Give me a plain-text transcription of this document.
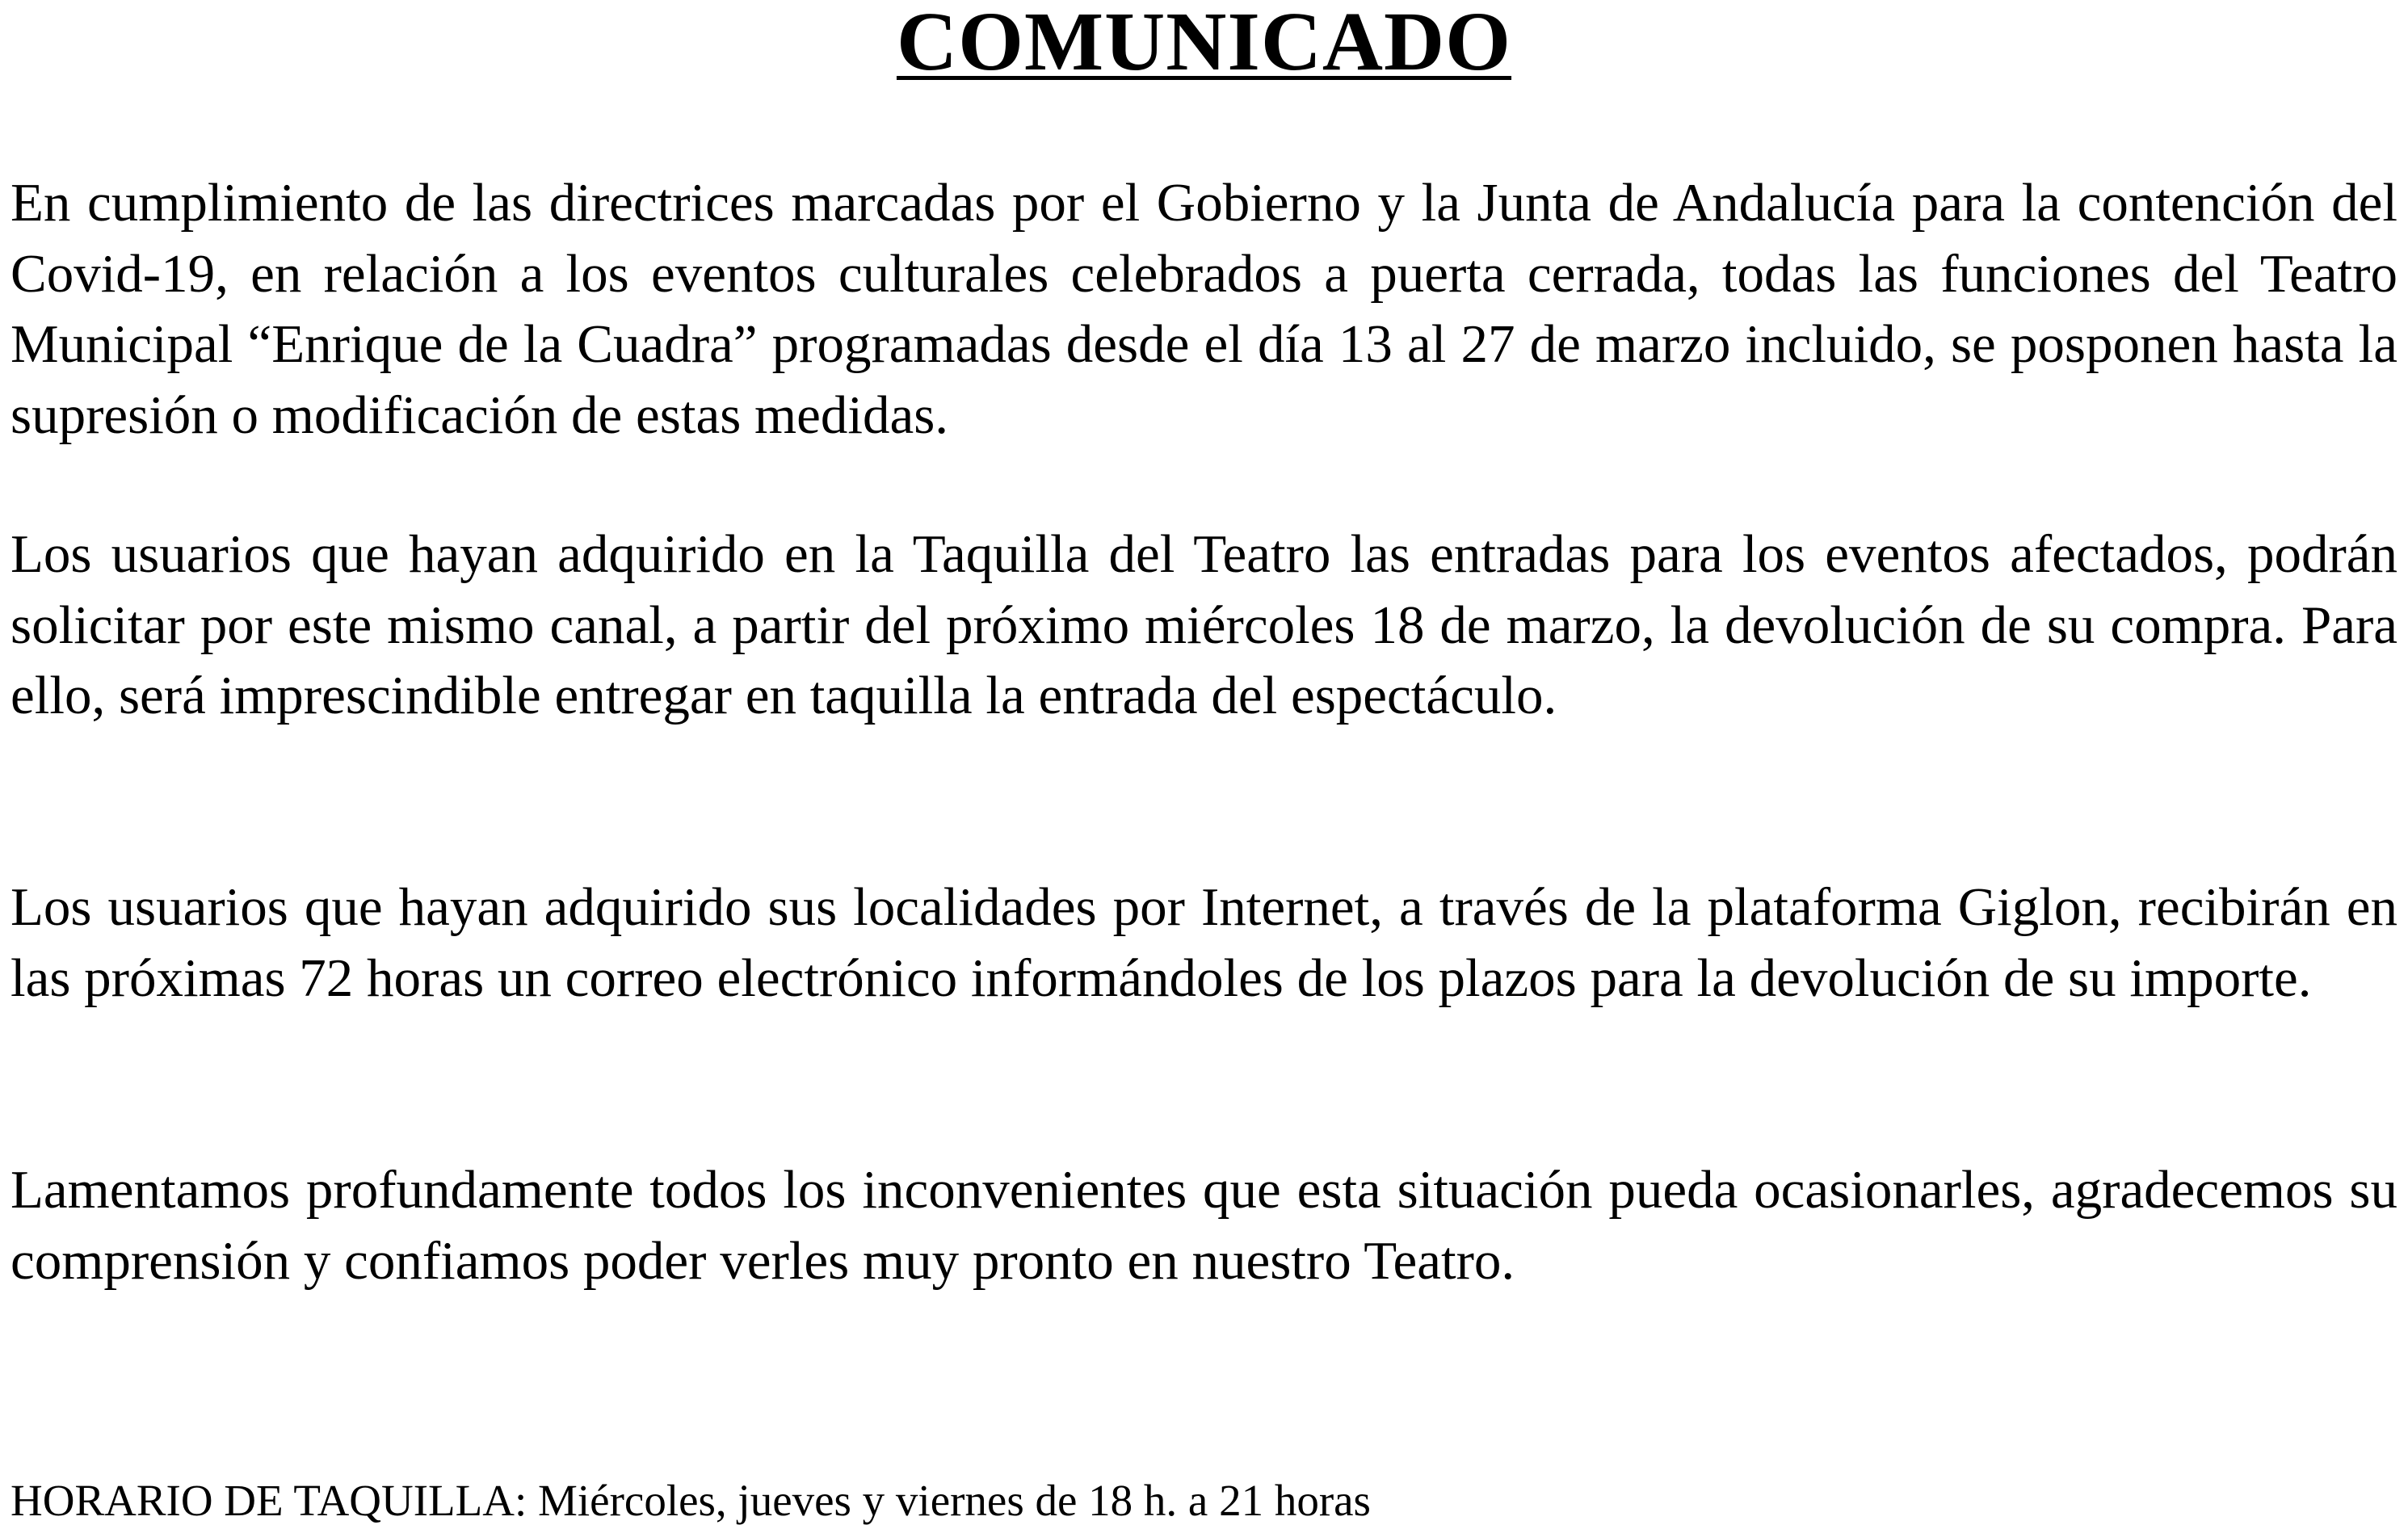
COMUNICADO

En cumplimiento de las directrices marcadas por el Gobierno y la Junta de Andalucía para la contención del Covid-19, en relación a los eventos culturales celebrados a puerta cerrada, todas las funciones del Teatro Municipal “Enrique de la Cuadra” programadas desde el día 13 al 27 de marzo incluido, se posponen hasta la supresión o modificación de estas medidas.

Los usuarios que hayan adquirido en la Taquilla del Teatro las entradas para los eventos afectados, podrán solicitar por este mismo canal, a partir del próximo miércoles 18 de marzo, la devolución de su compra. Para ello, será imprescindible entregar en taquilla la entrada del espectáculo.

Los usuarios que hayan adquirido sus localidades por Internet, a través de la plataforma Giglon, recibirán en las próximas 72 horas un correo electrónico informándoles de los plazos para la devolución de su importe.

Lamentamos profundamente todos los inconvenientes que esta situación pueda ocasionarles, agradecemos su comprensión y confiamos poder verles muy pronto en nuestro Teatro.

HORARIO DE TAQUILLA: Miércoles, jueves y viernes de 18 h. a 21 horas
